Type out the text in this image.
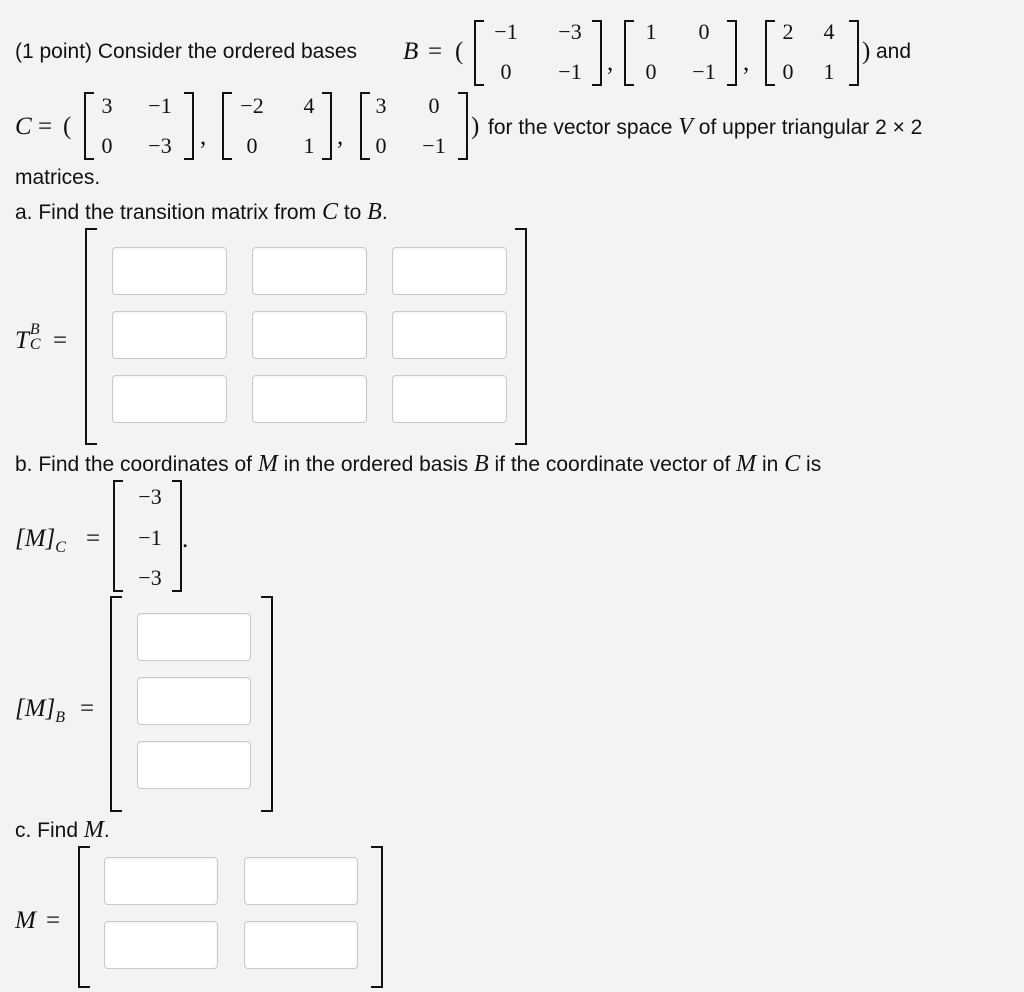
(1 point) Consider the ordered bases B = (
−1 −3
0	−1 ,
1	0
0	−1 ,
2	4
0	1
) and
C = (
3	−1
0	−3	,
−2	4
0	1 ,
3	0
0	−1
) for the vector space V of upper triangular 2 × 2
matrices.
a. Find the transition matrix from C to B.
T B
C =
b. Find the coordinates of M in the ordered basis B if the coordinate vector of M in C is
$[M]_C$ =
−3
−1
−3
.
$[M]_B$ =
c. Find M.
M =
